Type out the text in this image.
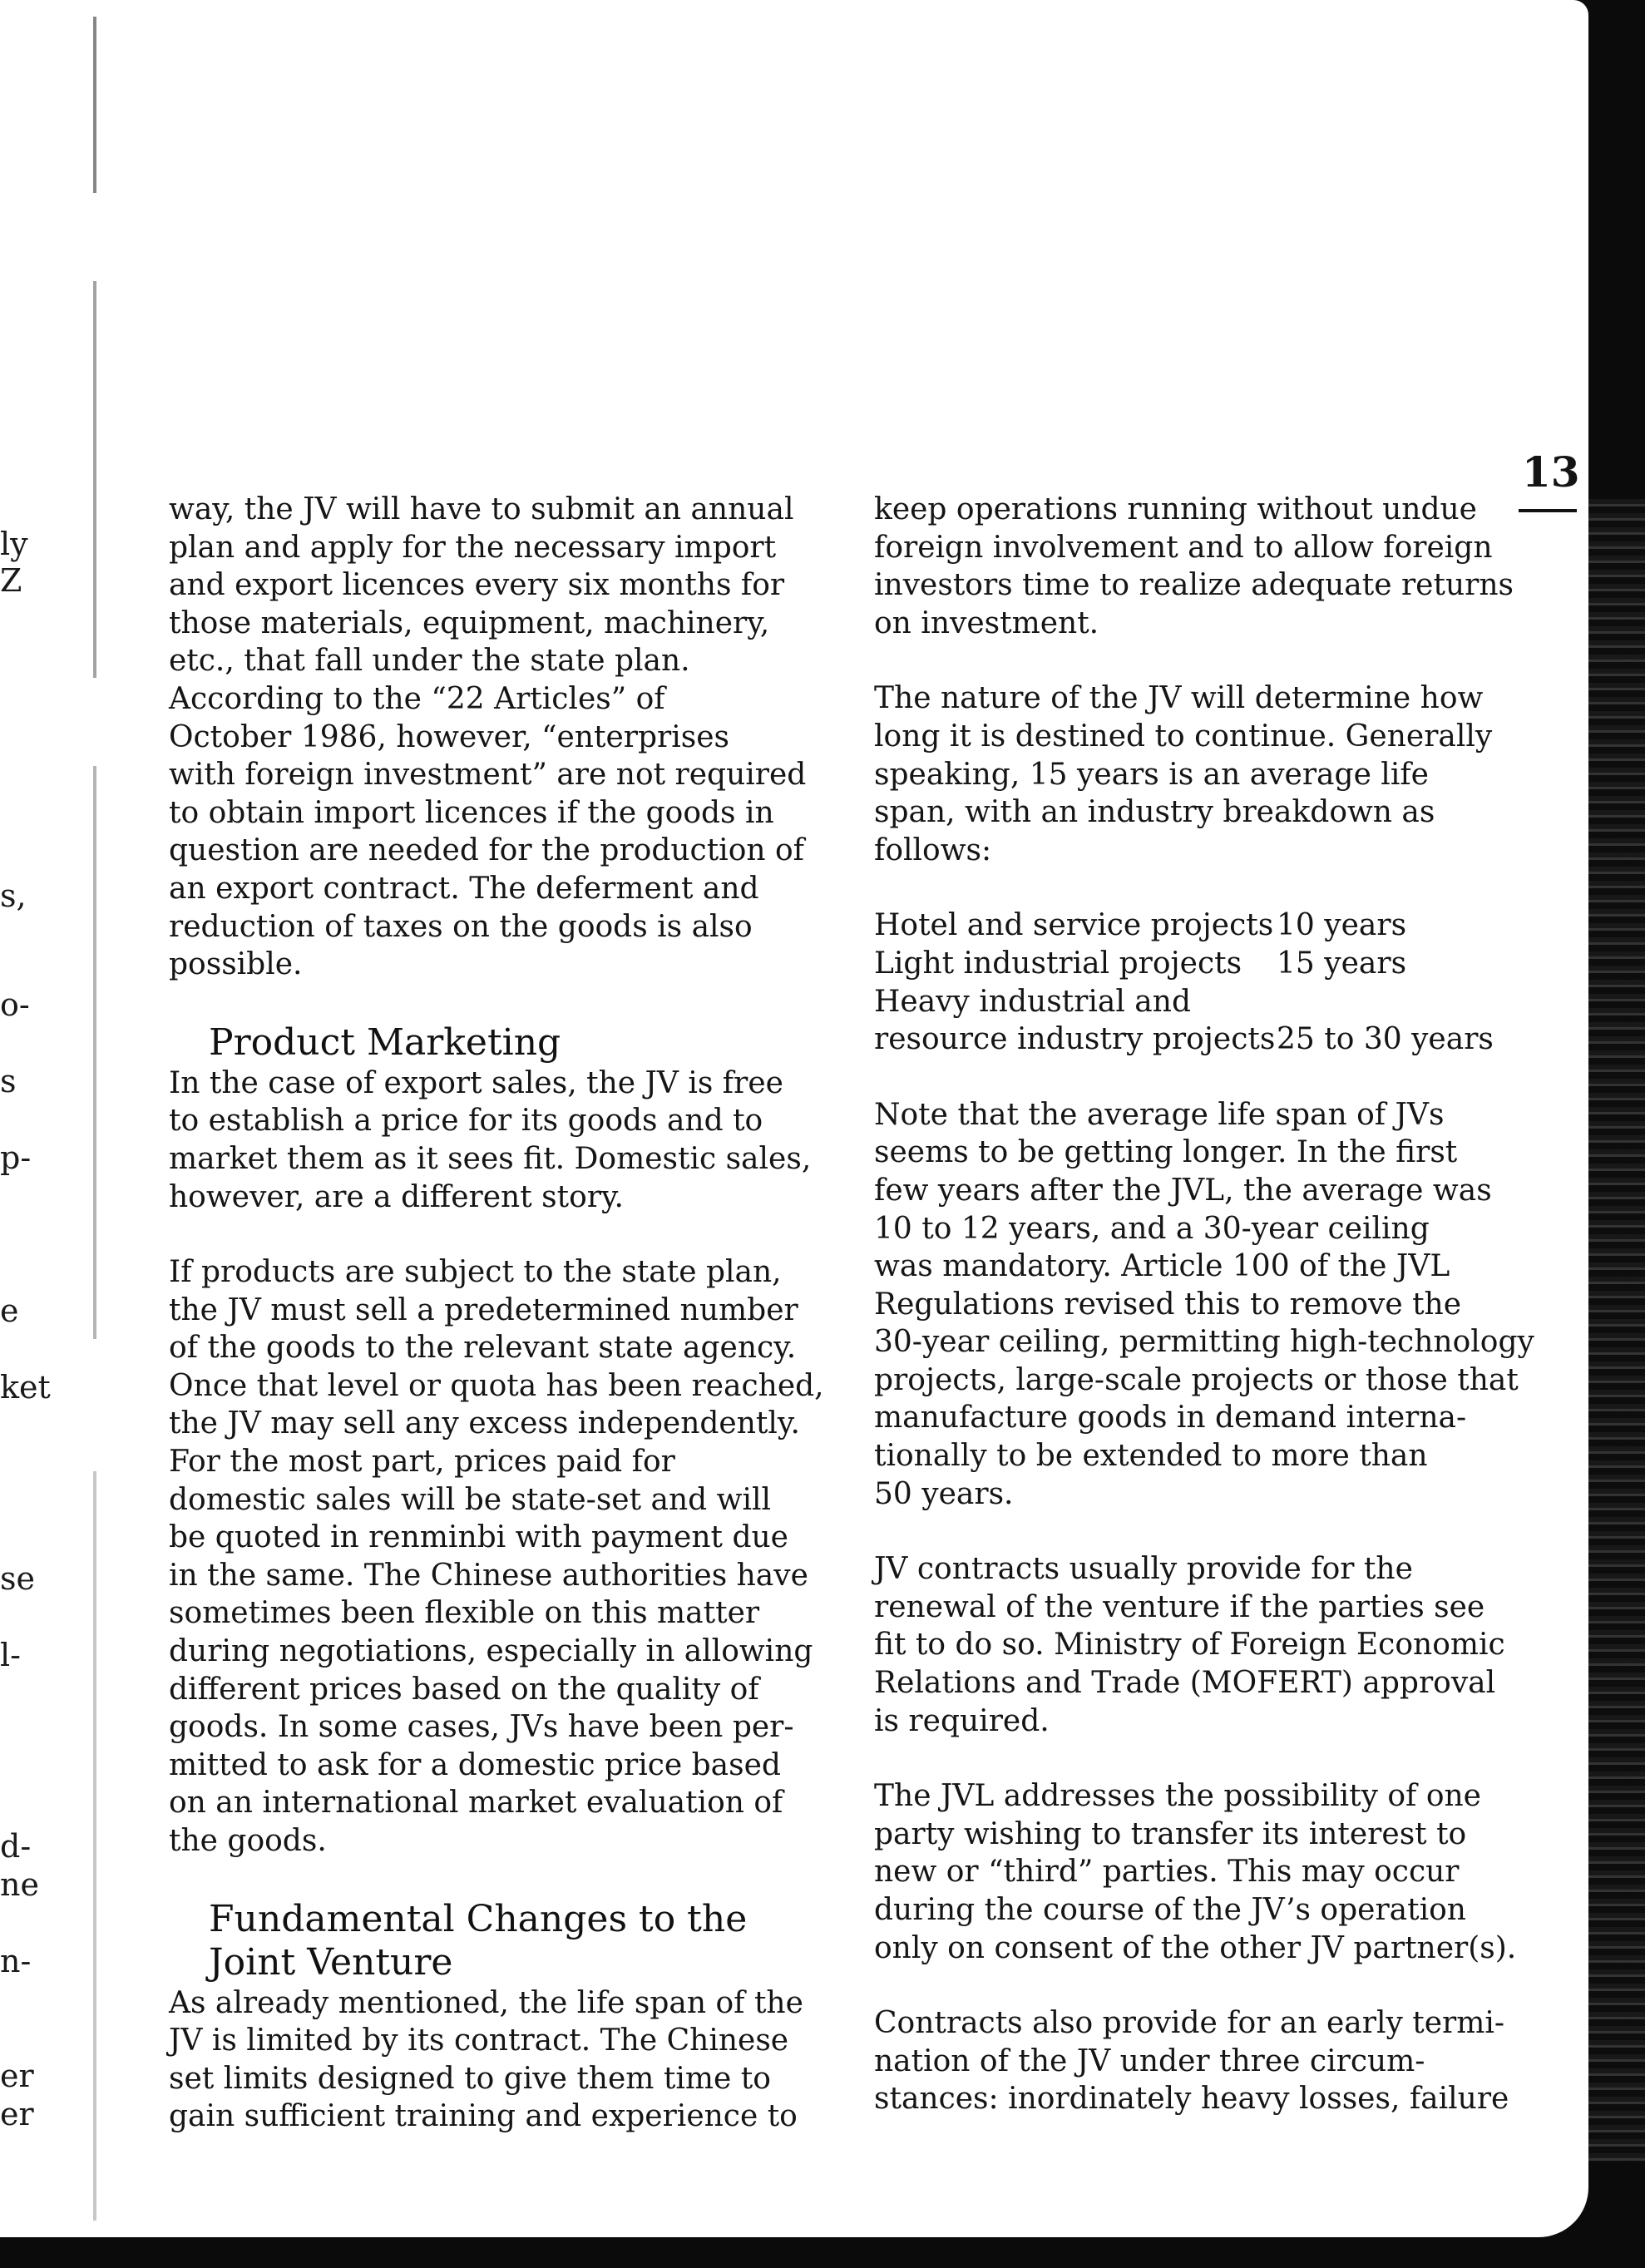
ly
Z
s,
o-
s
p-
e
ket
se
l-
d-
ne
n-
er
er
13

way, the JV will have to submit an annual
plan and apply for the necessary import
and export licences every six months for
those materials, equipment, machinery,
etc., that fall under the state plan.
According to the “22 Articles” of
October 1986, however, “enterprises
with foreign investment” are not required
to obtain import licences if the goods in
question are needed for the production of
an export contract. The deferment and
reduction of taxes on the goods is also
possible.

Product Marketing

In the case of export sales, the JV is free
to establish a price for its goods and to
market them as it sees fit. Domestic sales,
however, are a different story.

If products are subject to the state plan,
the JV must sell a predetermined number
of the goods to the relevant state agency.
Once that level or quota has been reached,
the JV may sell any excess independently.
For the most part, prices paid for
domestic sales will be state-set and will
be quoted in renminbi with payment due
in the same. The Chinese authorities have
sometimes been flexible on this matter
during negotiations, especially in allowing
different prices based on the quality of
goods. In some cases, JVs have been per-
mitted to ask for a domestic price based
on an international market evaluation of
the goods.

Fundamental Changes to the
Joint Venture

As already mentioned, the life span of the
JV is limited by its contract. The Chinese
set limits designed to give them time to
gain sufficient training and experience to

keep operations running without undue
foreign involvement and to allow foreign
investors time to realize adequate returns
on investment.

The nature of the JV will determine how
long it is destined to continue. Generally
speaking, 15 years is an average life
span, with an industry breakdown as
follows:

Hotel and service projects 10 years
Light industrial projects	15 years
Heavy industrial and
resource industry projects 25 to 30 years

Note that the average life span of JVs
seems to be getting longer. In the first
few years after the JVL, the average was
10 to 12 years, and a 30-year ceiling
was mandatory. Article 100 of the JVL
Regulations revised this to remove the
30-year ceiling, permitting high-technology
projects, large-scale projects or those that
manufacture goods in demand interna-
tionally to be extended to more than
50 years.

JV contracts usually provide for the
renewal of the venture if the parties see
fit to do so. Ministry of Foreign Economic
Relations and Trade (MOFERT) approval
is required.

The JVL addresses the possibility of one
party wishing to transfer its interest to
new or “third” parties. This may occur
during the course of the JV’s operation
only on consent of the other JV partner(s).

Contracts also provide for an early termi-
nation of the JV under three circum-
stances: inordinately heavy losses, failure
